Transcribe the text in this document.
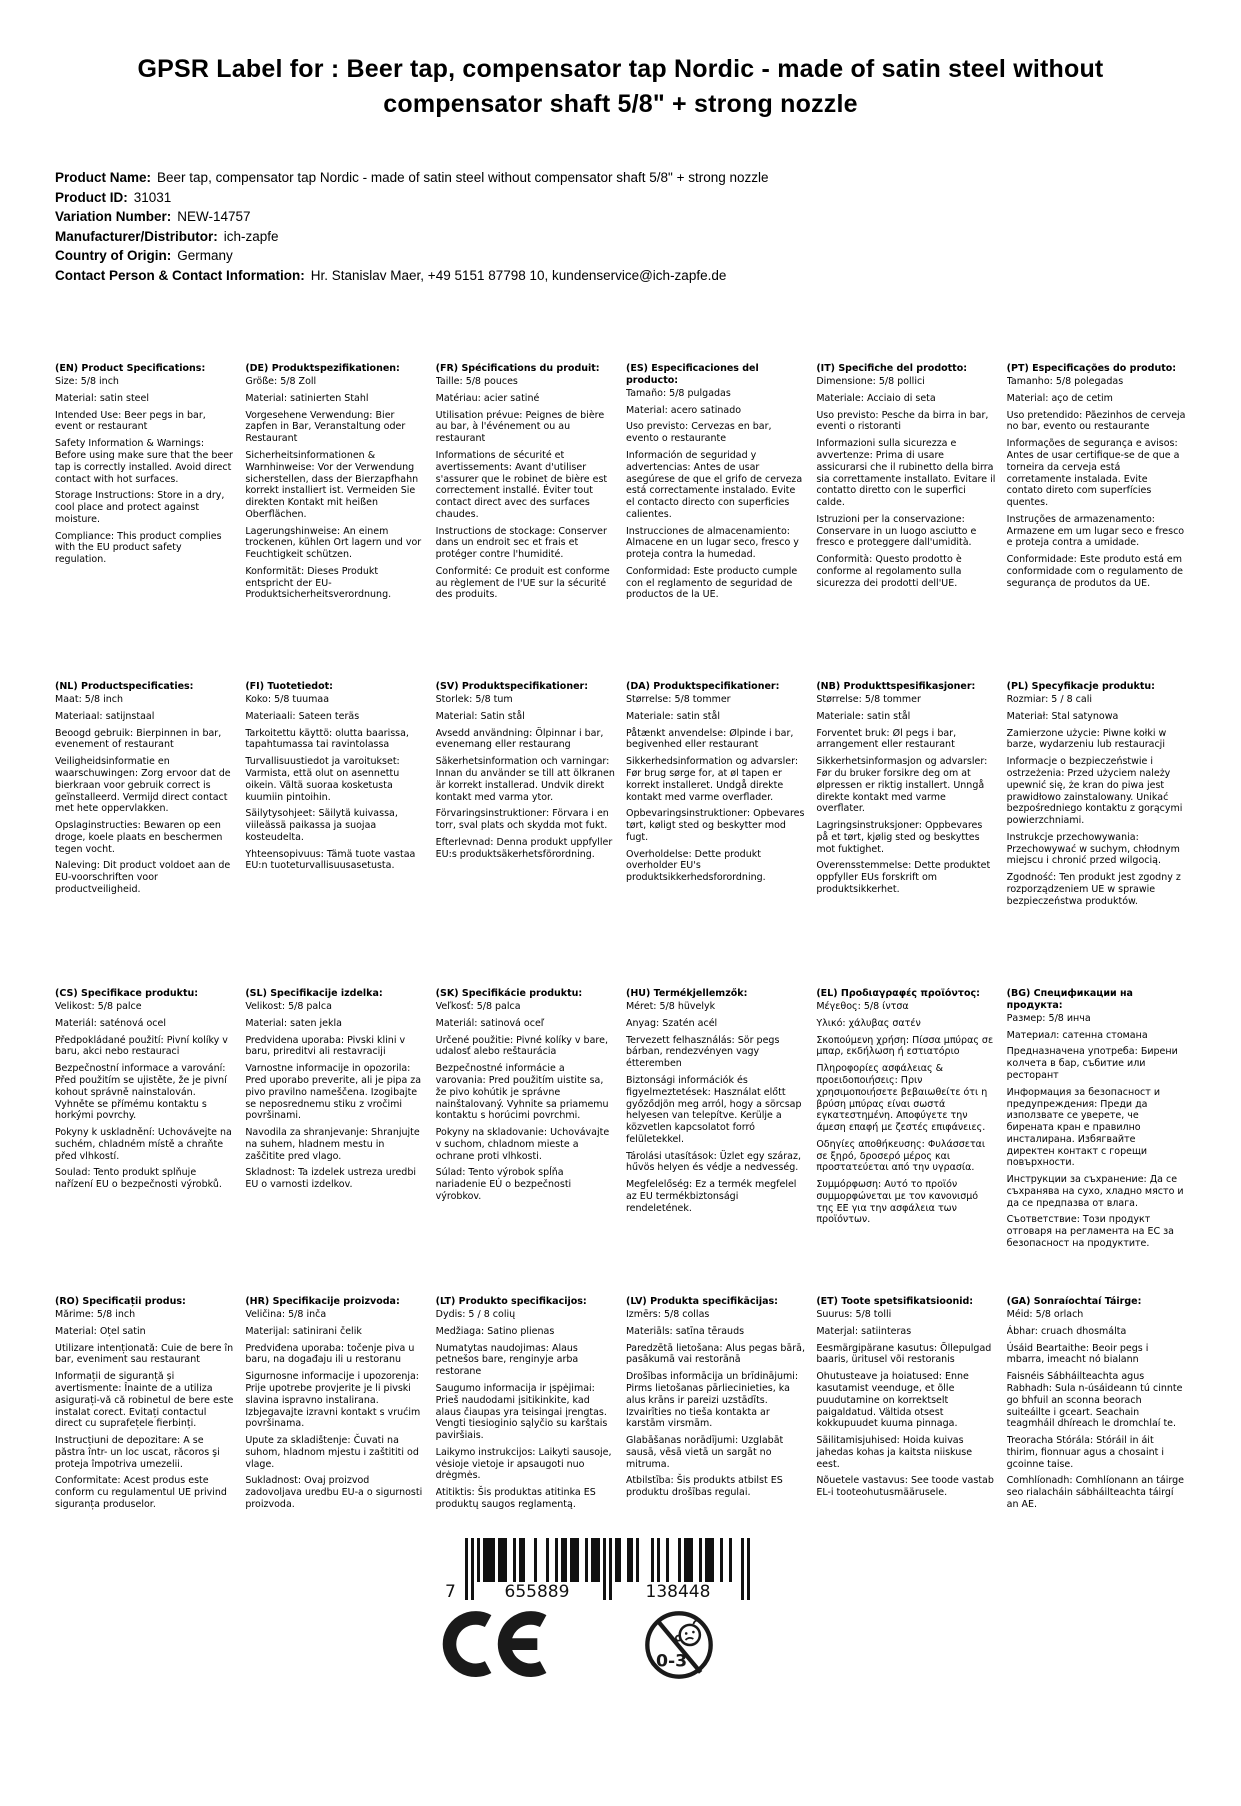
GPSR Label for : Beer tap, compensator tap Nordic - made of satin steel without compensator shaft 5/8" + strong nozzle
Product Name: Beer tap, compensator tap Nordic - made of satin steel without compensator shaft 5/8" + strong nozzle
Product ID: 31031
Variation Number: NEW-14757
Manufacturer/Distributor: ich-zapfe
Country of Origin: Germany
Contact Person & Contact Information: Hr. Stanislav Maer, +49 5151 87798 10, kundenservice@ich-zapfe.de
(EN) Product Specifications:

Size: 5/8 inch

Material: satin steel

Intended Use: Beer pegs in bar, event or restaurant

Safety Information & Warnings: Before using make sure that the beer tap is correctly installed. Avoid direct contact with hot surfaces.

Storage Instructions: Store in a dry, cool place and protect against moisture.

Compliance: This product complies with the EU product safety regulation.

(DE) Produktspezifikationen:

Größe: 5/8 Zoll

Material: satinierten Stahl

Vorgesehene Verwendung: Bier zapfen in Bar, Veranstaltung oder Restaurant

Sicherheitsinformationen & Warnhinweise: Vor der Verwendung sicherstellen, dass der Bierzapfhahn korrekt installiert ist. Vermeiden Sie direkten Kontakt mit heißen Oberflächen.

Lagerungshinweise: An einem trockenen, kühlen Ort lagern und vor Feuchtigkeit schützen.

Konformität: Dieses Produkt entspricht der EU-Produktsicherheitsverordnung.

(FR) Spécifications du produit:

Taille: 5/8 pouces

Matériau: acier satiné

Utilisation prévue: Peignes de bière au bar, à l'événement ou au restaurant

Informations de sécurité et avertissements: Avant d'utiliser s'assurer que le robinet de bière est correctement installé. Éviter tout contact direct avec des surfaces chaudes.

Instructions de stockage: Conserver dans un endroit sec et frais et protéger contre l'humidité.

Conformité: Ce produit est conforme au règlement de l'UE sur la sécurité des produits.

(ES) Especificaciones del producto:

Tamaño: 5/8 pulgadas

Material: acero satinado

Uso previsto: Cervezas en bar, evento o restaurante

Información de seguridad y advertencias: Antes de usar asegúrese de que el grifo de cerveza está correctamente instalado. Evite el contacto directo con superficies calientes.

Instrucciones de almacenamiento: Almacene en un lugar seco, fresco y proteja contra la humedad.

Conformidad: Este producto cumple con el reglamento de seguridad de productos de la UE.

(IT) Specifiche del prodotto:

Dimensione: 5/8 pollici

Materiale: Acciaio di seta

Uso previsto: Pesche da birra in bar, eventi o ristoranti

Informazioni sulla sicurezza e avvertenze: Prima di usare assicurarsi che il rubinetto della birra sia correttamente installato. Evitare il contatto diretto con le superfici calde.

Istruzioni per la conservazione: Conservare in un luogo asciutto e fresco e proteggere dall'umidità.

Conformità: Questo prodotto è conforme al regolamento sulla sicurezza dei prodotti dell'UE.

(PT) Especificações do produto:

Tamanho: 5/8 polegadas

Material: aço de cetim

Uso pretendido: Pãezinhos de cerveja no bar, evento ou restaurante

Informações de segurança e avisos: Antes de usar certifique-se de que a torneira da cerveja está corretamente instalada. Evite contato direto com superfícies quentes.

Instruções de armazenamento: Armazene em um lugar seco e fresco e proteja contra a umidade.

Conformidade: Este produto está em conformidade com o regulamento de segurança de produtos da UE.

(NL) Productspecificaties:

Maat: 5/8 inch

Materiaal: satijnstaal

Beoogd gebruik: Bierpinnen in bar, evenement of restaurant

Veiligheidsinformatie en waarschuwingen: Zorg ervoor dat de bierkraan voor gebruik correct is geïnstalleerd. Vermijd direct contact met hete oppervlakken.

Opslaginstructies: Bewaren op een droge, koele plaats en beschermen tegen vocht.

Naleving: Dit product voldoet aan de EU-voorschriften voor productveiligheid.

(FI) Tuotetiedot:

Koko: 5/8 tuumaa

Materiaali: Sateen teräs

Tarkoitettu käyttö: olutta baarissa, tapahtumassa tai ravintolassa

Turvallisuustiedot ja varoitukset: Varmista, että olut on asennettu oikein. Vältä suoraa kosketusta kuumiin pintoihin.

Säilytysohjeet: Säilytä kuivassa, viileässä paikassa ja suojaa kosteudelta.

Yhteensopivuus: Tämä tuote vastaa EU:n tuoteturvallisuusasetusta.

(SV) Produktspecifikationer:

Storlek: 5/8 tum

Material: Satin stål

Avsedd användning: Ölpinnar i bar, evenemang eller restaurang

Säkerhetsinformation och varningar: Innan du använder se till att ölkranen är korrekt installerad. Undvik direkt kontakt med varma ytor.

Förvaringsinstruktioner: Förvara i en torr, sval plats och skydda mot fukt.

Efterlevnad: Denna produkt uppfyller EU:s produktsäkerhetsförordning.

(DA) Produktspecifikationer:

Størrelse: 5/8 tommer

Materiale: satin stål

Påtænkt anvendelse: Ølpinde i bar, begivenhed eller restaurant

Sikkerhedsinformation og advarsler: Før brug sørge for, at øl tapen er korrekt installeret. Undgå direkte kontakt med varme overflader.

Opbevaringsinstruktioner: Opbevares tørt, køligt sted og beskytter mod fugt.

Overholdelse: Dette produkt overholder EU's produktsikkerhedsforordning.

(NB) Produkttspesifikasjoner:

Størrelse: 5/8 tommer

Materiale: satin stål

Forventet bruk: Øl pegs i bar, arrangement eller restaurant

Sikkerhetsinformasjon og advarsler: Før du bruker forsikre deg om at ølpressen er riktig installert. Unngå direkte kontakt med varme overflater.

Lagringsinstruksjoner: Oppbevares på et tørt, kjølig sted og beskyttes mot fuktighet.

Overensstemmelse: Dette produktet oppfyller EUs forskrift om produktsikkerhet.

(PL) Specyfikacje produktu:

Rozmiar: 5 / 8 cali

Materiał: Stal satynowa

Zamierzone użycie: Piwne kołki w barze, wydarzeniu lub restauracji

Informacje o bezpieczeństwie i ostrzeżenia: Przed użyciem należy upewnić się, że kran do piwa jest prawidłowo zainstalowany. Unikać bezpośredniego kontaktu z gorącymi powierzchniami.

Instrukcje przechowywania: Przechowywać w suchym, chłodnym miejscu i chronić przed wilgocią.

Zgodność: Ten produkt jest zgodny z rozporządzeniem UE w sprawie bezpieczeństwa produktów.

(CS) Specifikace produktu:

Velikost: 5/8 palce

Materiál: saténová ocel

Předpokládané použití: Pivní kolíky v baru, akci nebo restauraci

Bezpečnostní informace a varování: Před použitím se ujistěte, že je pivní kohout správně nainstalován. Vyhněte se přímému kontaktu s horkými povrchy.

Pokyny k uskladnění: Uchovávejte na suchém, chladném místě a chraňte před vlhkostí.

Soulad: Tento produkt splňuje nařízení EU o bezpečnosti výrobků.

(SL) Specifikacije izdelka:

Velikost: 5/8 palca

Material: saten jekla

Predvidena uporaba: Pivski klini v baru, prireditvi ali restavraciji

Varnostne informacije in opozorila: Pred uporabo preverite, ali je pipa za pivo pravilno nameščena. Izogibajte se neposrednemu stiku z vročimi površinami.

Navodila za shranjevanje: Shranjujte na suhem, hladnem mestu in zaščitite pred vlago.

Skladnost: Ta izdelek ustreza uredbi EU o varnosti izdelkov.

(SK) Špecifikácie produktu:

Veľkosť: 5/8 palca

Materiál: satinová oceľ

Určené použitie: Pivné kolíky v bare, udalosť alebo reštaurácia

Bezpečnostné informácie a varovania: Pred použitím uistite sa, že pivo kohútik je správne nainštalovaný. Vyhnite sa priamemu kontaktu s horúcimi povrchmi.

Pokyny na skladovanie: Uchovávajte v suchom, chladnom mieste a ochrane proti vlhkosti.

Súlad: Tento výrobok spĺňa nariadenie EÚ o bezpečnosti výrobkov.

(HU) Termékjellemzők:

Méret: 5/8 hüvelyk

Anyag: Szatén acél

Tervezett felhasználás: Sör pegs bárban, rendezvényen vagy étteremben

Biztonsági információk és figyelmeztetések: Használat előtt győződjön meg arról, hogy a sörcsap helyesen van telepítve. Kerülje a közvetlen kapcsolatot forró felületekkel.

Tárolási utasítások: Üzlet egy száraz, hűvös helyen és védje a nedvesség.

Megfelelőség: Ez a termék megfelel az EU termékbiztonsági rendeletének.

(EL) Προδιαγραφές προϊόντος:

Μέγεθος: 5/8 ίντσα

Υλικό: χάλυβας σατέν

Σκοπούμενη χρήση: Πίσσα μπύρας σε μπαρ, εκδήλωση ή εστιατόριο

Πληροφορίες ασφάλειας & προειδοποιήσεις: Πριν χρησιμοποιήσετε βεβαιωθείτε ότι η βρύση μπύρας είναι σωστά εγκατεστημένη. Αποφύγετε την άμεση επαφή με ζεστές επιφάνειες.

Οδηγίες αποθήκευσης: Φυλάσσεται σε ξηρό, δροσερό μέρος και προστατεύεται από την υγρασία.

Συμμόρφωση: Αυτό το προϊόν συμμορφώνεται με τον κανονισμό της ΕΕ για την ασφάλεια των προϊόντων.

(BG) Спецификации на продукта:

Размер: 5/8 инча

Материал: сатенна стомана

Предназначена употреба: Бирени колчета в бар, събитие или ресторант

Информация за безопасност и предупреждения: Преди да използвате се уверете, че бирената кран е правилно инсталирана. Избягвайте директен контакт с горещи повърхности.

Инструкции за съхранение: Да се съхранява на сухо, хладно място и да се предпазва от влага.

Съответствие: Този продукт отговаря на регламента на ЕС за безопасност на продуктите.

(RO) Specificații produs:

Mărime: 5/8 inch

Material: Oțel satin

Utilizare intenționată: Cuie de bere în bar, eveniment sau restaurant

Informații de siguranță și avertismente: Înainte de a utiliza asigurați-vă că robinetul de bere este instalat corect. Evitați contactul direct cu suprafețele fierbinți.

Instrucțiuni de depozitare: A se păstra într- un loc uscat, răcoros şi proteja împotriva umezelii.

Conformitate: Acest produs este conform cu regulamentul UE privind siguranța produselor.

(HR) Specifikacije proizvoda:

Veličina: 5/8 inča

Materijal: satinirani čelik

Predviđena uporaba: točenje piva u baru, na događaju ili u restoranu

Sigurnosne informacije i upozorenja: Prije upotrebe provjerite je li pivski slavina ispravno instalirana. Izbjegavajte izravni kontakt s vrućim površinama.

Upute za skladištenje: Čuvati na suhom, hladnom mjestu i zaštititi od vlage.

Sukladnost: Ovaj proizvod zadovoljava uredbu EU-a o sigurnosti proizvoda.

(LT) Produkto specifikacijos:

Dydis: 5 / 8 colių

Medžiaga: Satino plienas

Numatytas naudojimas: Alaus petnešos bare, renginyje arba restorane

Saugumo informacija ir įspėjimai: Prieš naudodami įsitikinkite, kad alaus čiaupas yra teisingai įrengtas. Vengti tiesioginio sąlyčio su karštais paviršiais.

Laikymo instrukcijos: Laikyti sausoje, vėsioje vietoje ir apsaugoti nuo drėgmės.

Atitiktis: Šis produktas atitinka ES produktų saugos reglamentą.

(LV) Produkta specifikācijas:

Izmērs: 5/8 collas

Materiāls: satīna tērauds

Paredzētā lietošana: Alus pegas bārā, pasākumā vai restorānā

Drošības informācija un brīdinājumi: Pirms lietošanas pārliecinieties, ka alus krāns ir pareizi uzstādīts. Izvairīties no tieša kontakta ar karstām virsmām.

Glabāšanas norādījumi: Uzglabāt sausā, vēsā vietā un sargāt no mitruma.

Atbilstība: Šis produkts atbilst ES produktu drošības regulai.

(ET) Toote spetsifikatsioonid:

Suurus: 5/8 tolli

Materjal: satiinteras

Eesmärgipärane kasutus: Õllepulgad baaris, üritusel või restoranis

Ohutusteave ja hoiatused: Enne kasutamist veenduge, et õlle puudutamine on korrektselt paigaldatud. Vältida otsest kokkupuudet kuuma pinnaga.

Säilitamisjuhised: Hoida kuivas jahedas kohas ja kaitsta niiskuse eest.

Nõuetele vastavus: See toode vastab EL-i tooteohutusmäärusele.

(GA) Sonraíochtaí Táirge:

Méid: 5/8 orlach

Ábhar: cruach dhosmálta

Úsáid Beartaithe: Beoir pegs i mbarra, imeacht nó bialann

Faisnéis Sábháilteachta agus Rabhadh: Sula n-úsáideann tú cinnte go bhfuil an sconna beorach suiteáilte i gceart. Seachain teagmháil dhíreach le dromchlaí te.

Treoracha Stórála: Stóráil in áit thirim, fionnuar agus a chosaint i gcoinne taise.

Comhlíonadh: Comhlíonann an táirge seo rialacháin sábháilteachta táirgí an AE.

7	655889	138448
0-3
